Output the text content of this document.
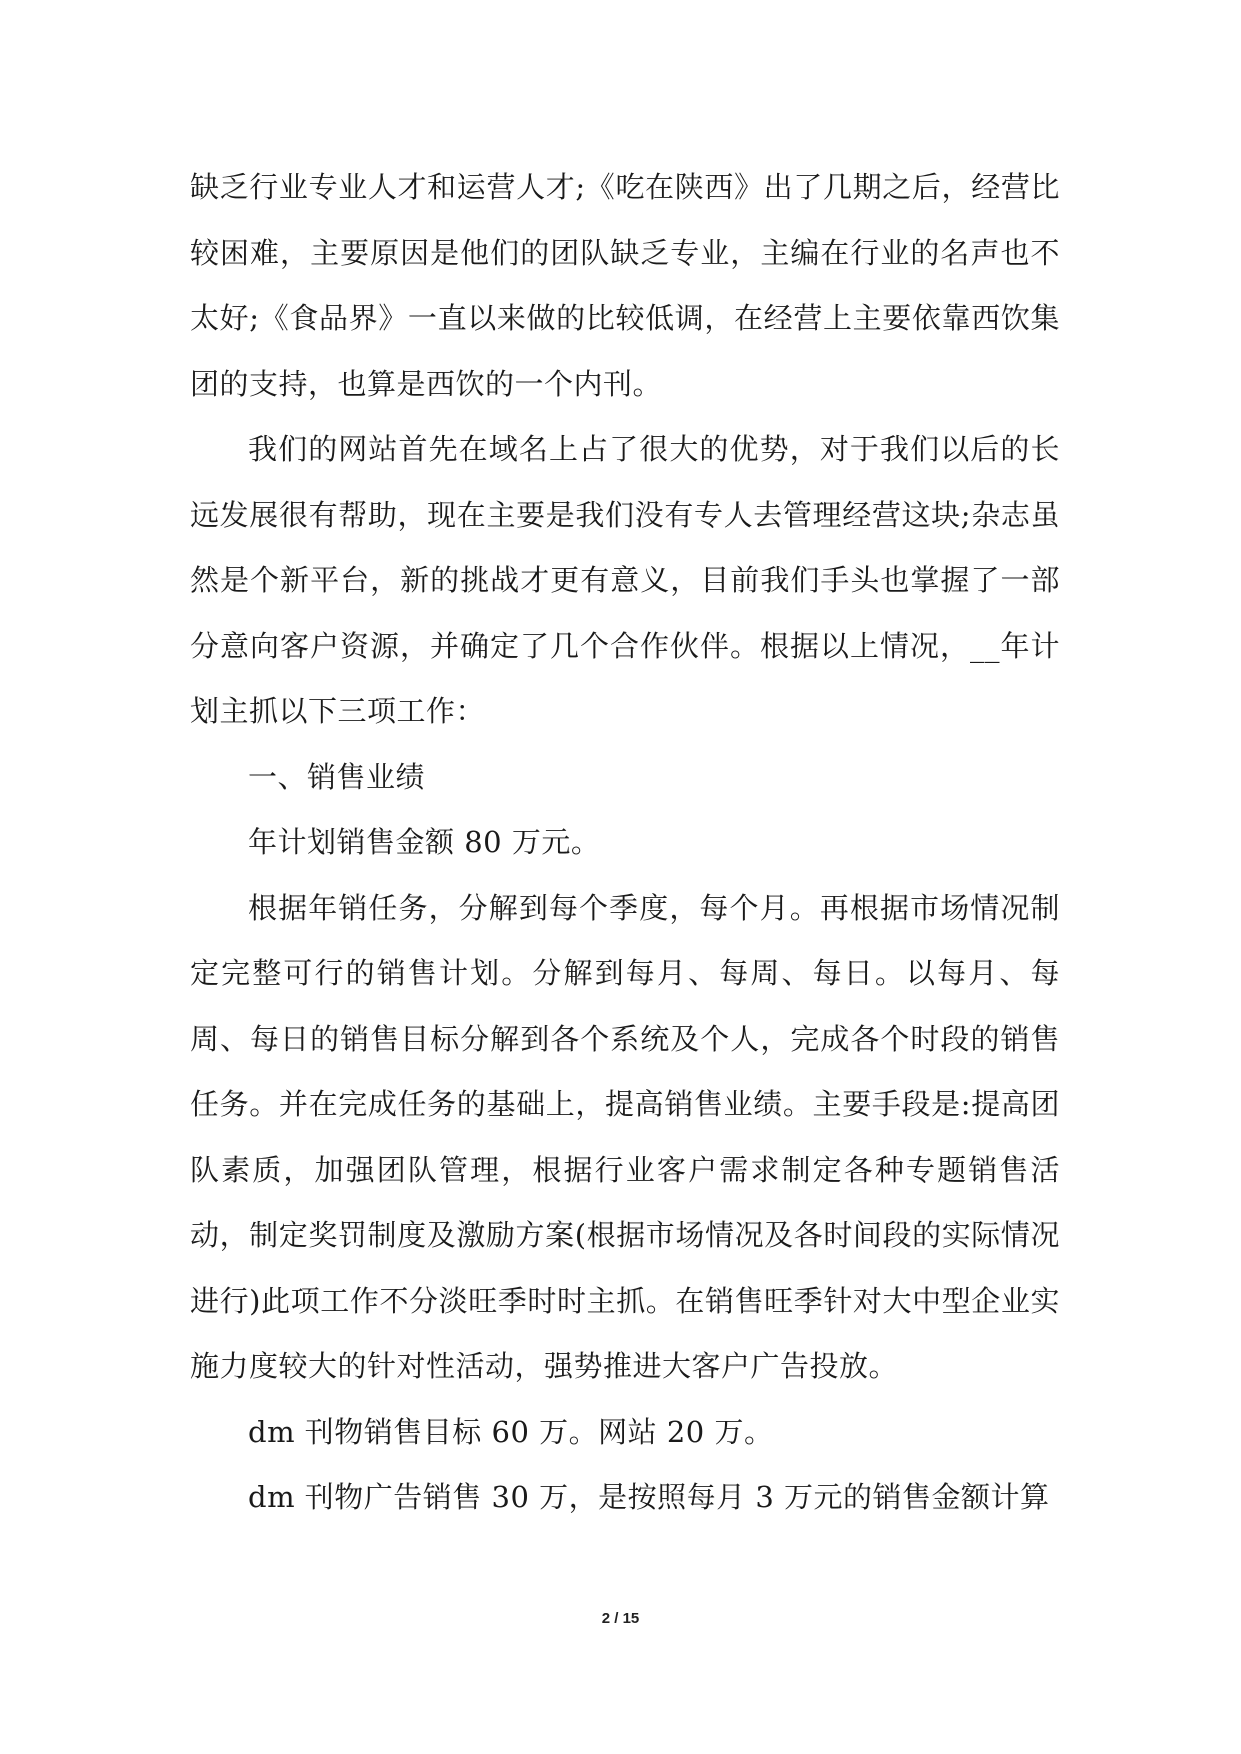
缺乏行业专业人才和运营人才;《吃在陕西》出了几期之后，经营比较困难，主要原因是他们的团队缺乏专业，主编在行业的名声也不太好;《食品界》一直以来做的比较低调，在经营上主要依靠西饮集团的支持，也算是西饮的一个内刊。

我们的网站首先在域名上占了很大的优势，对于我们以后的长远发展很有帮助，现在主要是我们没有专人去管理经营这块;杂志虽然是个新平台，新的挑战才更有意义，目前我们手头也掌握了一部分意向客户资源，并确定了几个合作伙伴。根据以上情况，__年计划主抓以下三项工作：

一、销售业绩

年计划销售金额 80 万元。

根据年销任务，分解到每个季度，每个月。再根据市场情况制定完整可行的销售计划。分解到每月、每周、每日。以每月、每周、每日的销售目标分解到各个系统及个人，完成各个时段的销售任务。并在完成任务的基础上，提高销售业绩。主要手段是:提高团队素质，加强团队管理，根据行业客户需求制定各种专题销售活动，制定奖罚制度及激励方案(根据市场情况及各时间段的实际情况进行)此项工作不分淡旺季时时主抓。在销售旺季针对大中型企业实施力度较大的针对性活动，强势推进大客户广告投放。

dm 刊物销售目标 60 万。网站 20 万。

dm 刊物广告销售 30 万，是按照每月 3 万元的销售金额计算

2 / 15
